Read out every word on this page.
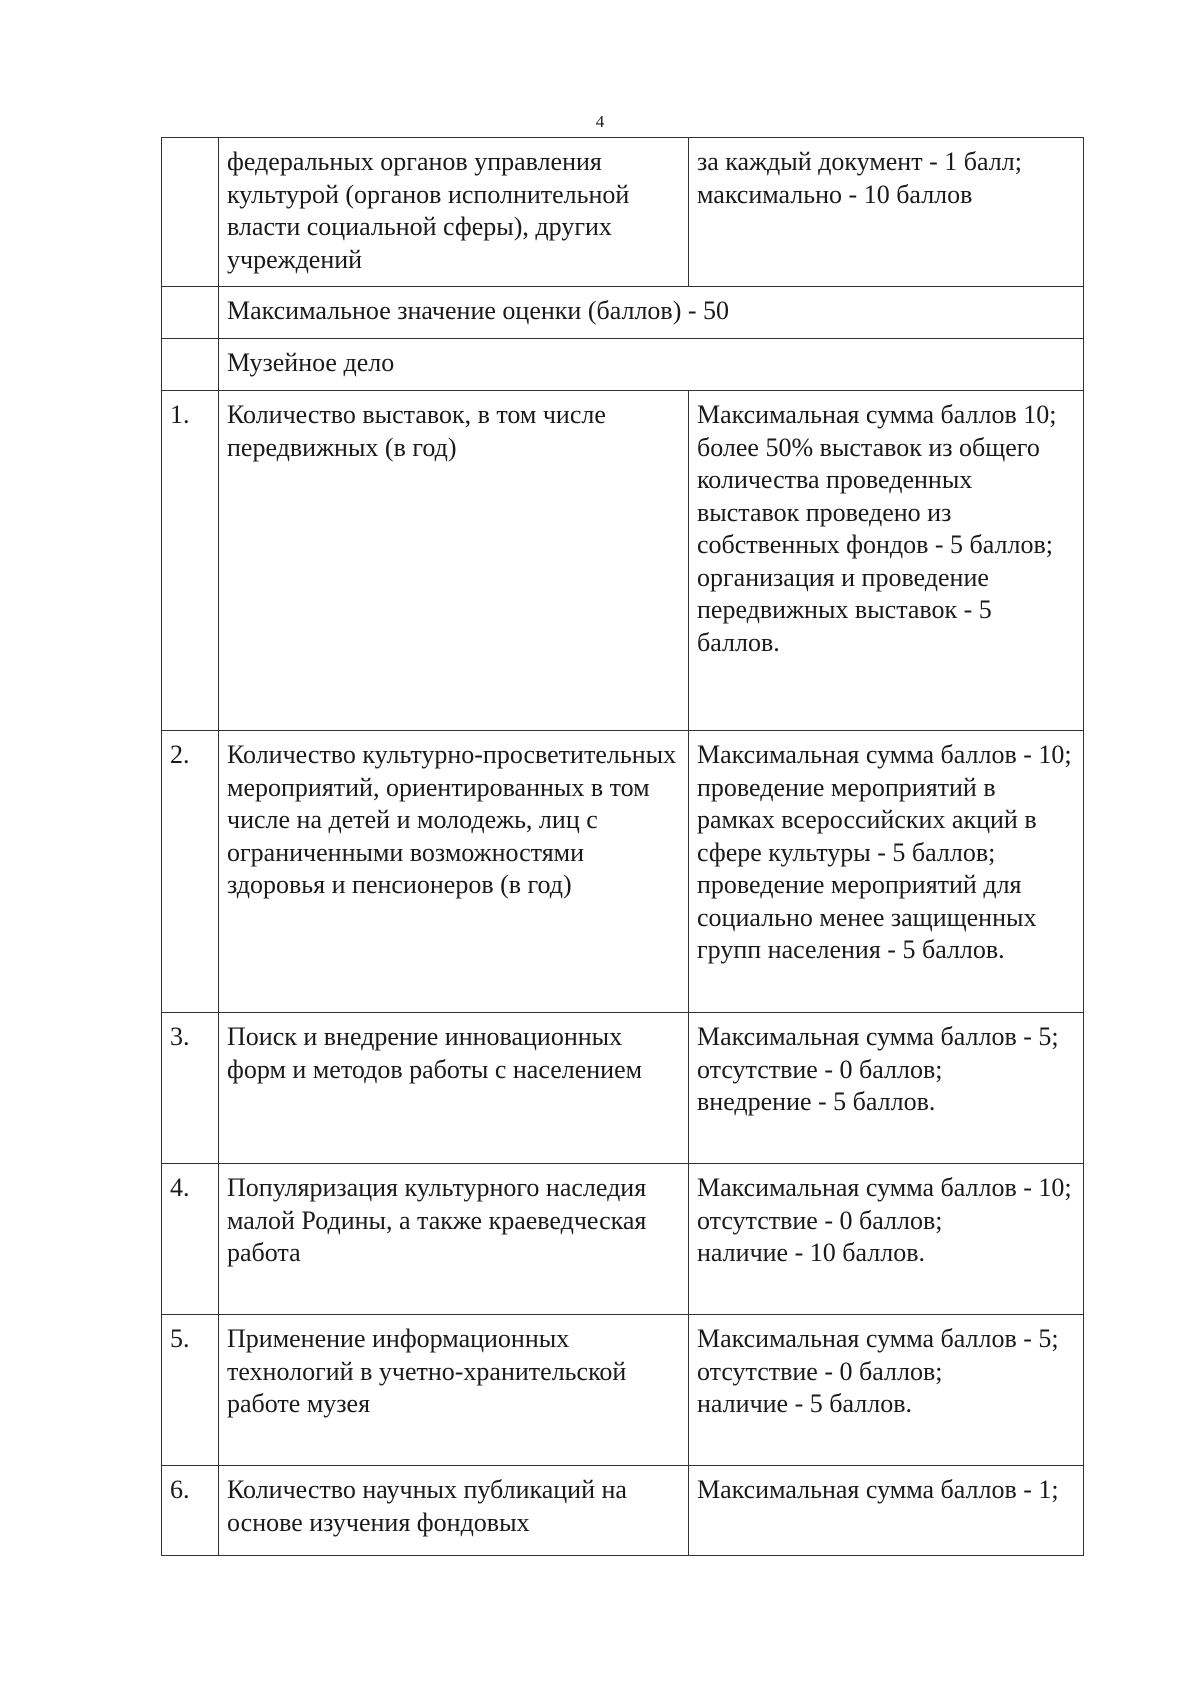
4
	федеральных органов управления культурой (органов исполнительной власти социальной сферы), других учреждений	за каждый документ - 1 балл;
максимально - 10 баллов
	Максимальное значение оценки (баллов) - 50	
	Музейное дело	
1.	Количество выставок, в том числе передвижных (в год)	Максимальная сумма баллов 10;
более 50% выставок из общего количества проведенных выставок проведено из собственных фондов - 5 баллов;
организация и проведение передвижных выставок - 5 баллов.
2.	Количество культурно-просветительных мероприятий, ориентированных в том числе на детей и молодежь, лиц с ограниченными возможностями здоровья и пенсионеров (в год)	Максимальная сумма баллов - 10;
проведение мероприятий в рамках всероссийских акций в сфере культуры - 5 баллов;
проведение мероприятий для социально менее защищенных групп населения - 5 баллов.
3.	Поиск и внедрение инновационных форм и методов работы с населением	Максимальная сумма баллов - 5;
отсутствие - 0 баллов;
внедрение - 5 баллов.
4.	Популяризация культурного наследия малой Родины, а также краеведческая работа	Максимальная сумма баллов - 10;
отсутствие - 0 баллов;
наличие - 10 баллов.
5.	Применение информационных технологий в учетно-хранительской работе музея	Максимальная сумма баллов - 5;
отсутствие - 0 баллов;
наличие - 5 баллов.
6.	Количество научных публикаций на основе изучения фондовых	Максимальная сумма баллов - 1;
